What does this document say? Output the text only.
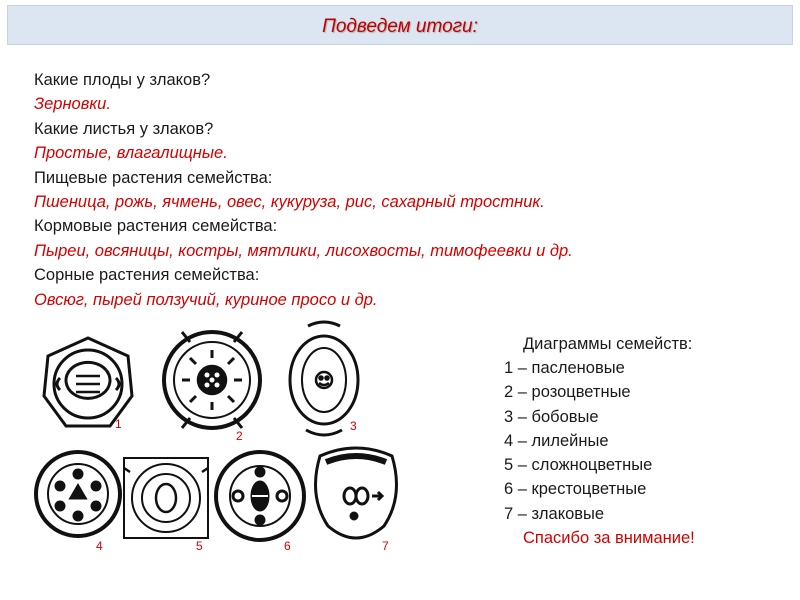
Подведем итоги:
Какие плоды у злаков?
Зерновки.
Какие листья у злаков?
Простые, влагалищные.
Пищевые растения семейства:
Пшеница, рожь, ячмень, овес, кукуруза, рис, сахарный тростник.
Кормовые растения семейства:
Пыреи, овсяницы, костры, мятлики, лисохвосты, тимофеевки и др.
Сорные растения семейства:
Овсюг, пырей ползучий, куриное просо и др.
Диаграммы семейств:
1 – пасленовые
2 – розоцветные
3 – бобовые
4 – лилейные
5 – сложноцветные
6 – крестоцветные
7 – злаковые
Спасибо за внимание!
1	3
4	5	6	7
2
